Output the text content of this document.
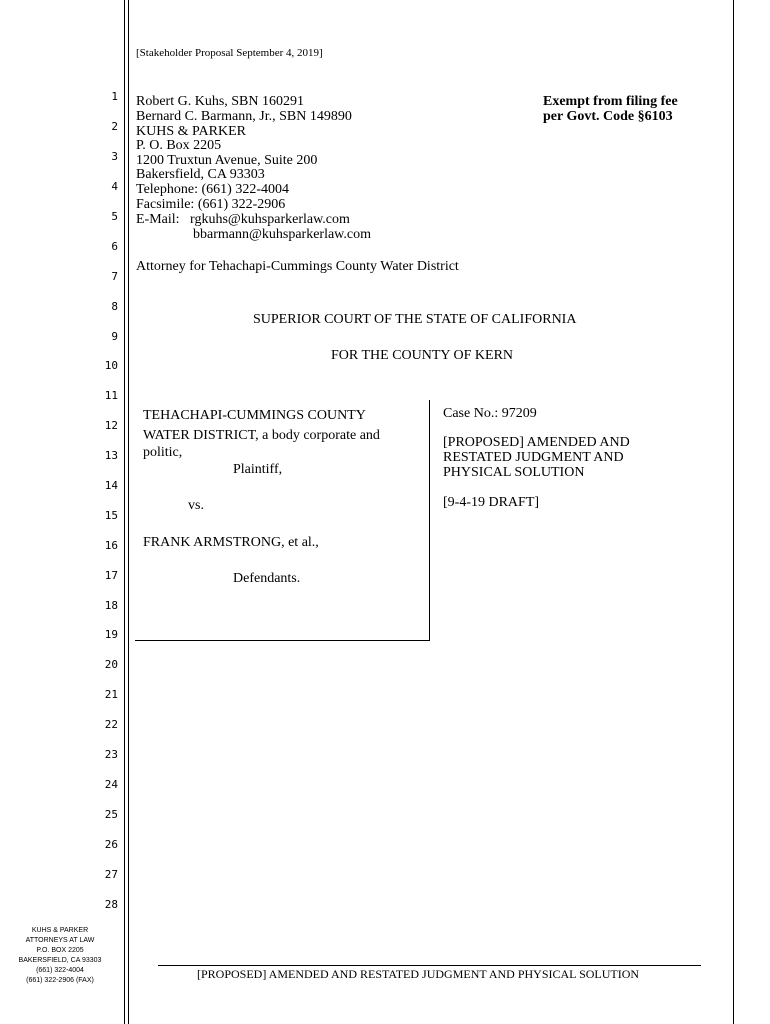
1
2
3
4
5
6
7
8
9
10
11
12
13
14
15
16
17
18
19
20
21
22
23
24
25
26
27
28
[Stakeholder Proposal September 4, 2019]
Robert G. Kuhs, SBN 160291
Bernard C. Barmann, Jr., SBN 149890
KUHS & PARKER
P. O. Box 2205
1200 Truxtun Avenue, Suite 200
Bakersfield, CA 93303
Telephone: (661) 322-4004
Facsimile: (661) 322-2906
E-Mail:   rgkuhs@kuhsparkerlaw.com
bbarmann@kuhsparkerlaw.com
Exempt from filing fee
per Govt. Code §6103
Attorney for Tehachapi-Cummings County Water District
SUPERIOR COURT OF THE STATE OF CALIFORNIA
FOR THE COUNTY OF KERN
TEHACHAPI-CUMMINGS COUNTY
WATER DISTRICT, a body corporate and
politic,
Plaintiff,
vs.
FRANK ARMSTRONG, et al.,
Defendants.
Case No.: 97209
[PROPOSED] AMENDED AND
RESTATED JUDGMENT AND
PHYSICAL SOLUTION
[9-4-19 DRAFT]
KUHS & PARKER
ATTORNEYS AT LAW
P.O. BOX 2205
BAKERSFIELD, CA 93303
(661) 322-4004
(661) 322-2906 (FAX)	[PROPOSED] AMENDED AND RESTATED JUDGMENT AND PHYSICAL SOLUTION
